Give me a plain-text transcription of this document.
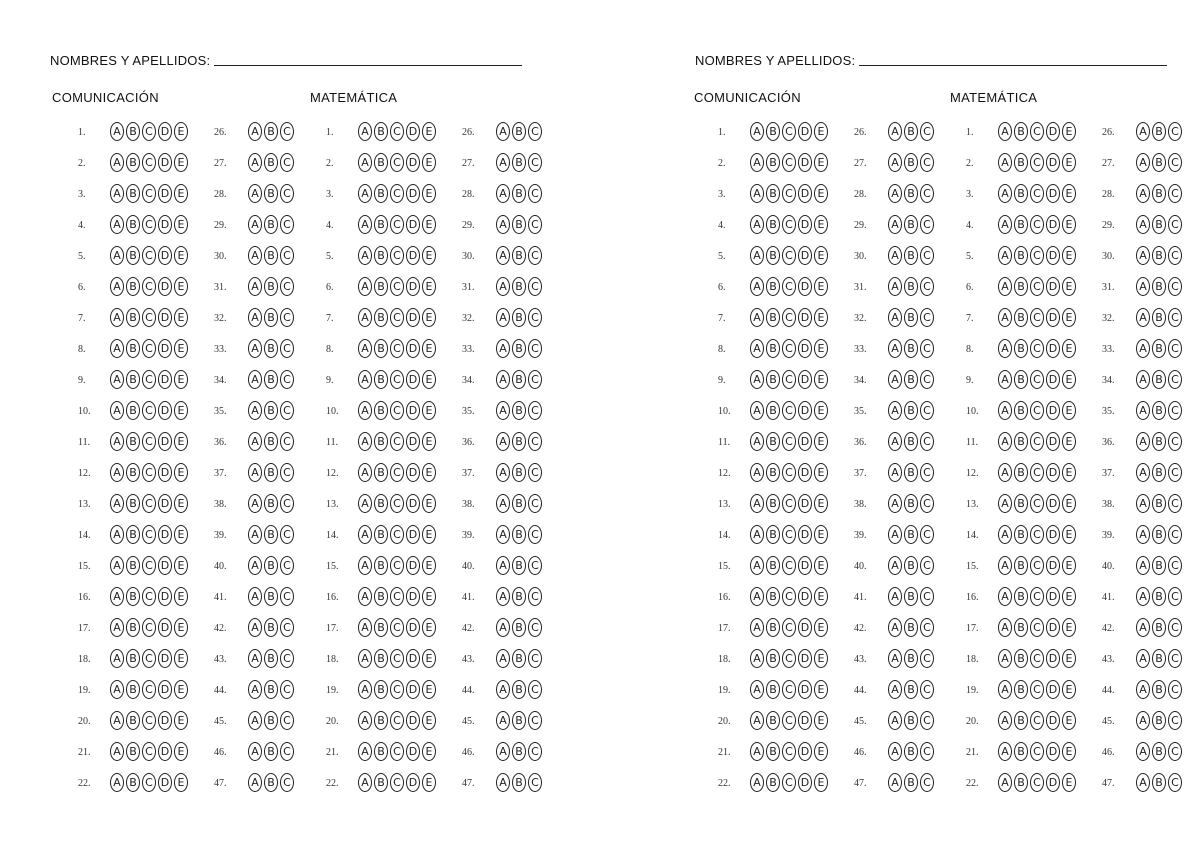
NOMBRES Y APELLIDOS:
COMUNICACIÓN	MATEMÁTICA
1.	A B C D E	26. A B C	1.	A B C D E	26. A B C
2.	A B C D E	27. A B C	2.	A B C D E	27. A B C
3.	A B C D E	28. A B C	3.	A B C D E	28. A B C
4.	A B C D E	29. A B C	4.	A B C D E	29. A B C
5.	A B C D E	30. A B C	5.	A B C D E	30. A B C
6.	A B C D E	31. A B C	6.	A B C D E	31. A B C
7.	A B C D E	32. A B C	7.	A B C D E	32. A B C
8.	A B C D E	33. A B C	8.	A B C D E	33. A B C
9.	A B C D E	34. A B C	9.	A B C D E	34. A B C
10. A B C D E	35. A B C	10. A B C D E	35. A B C
11. A B C D E	36. A B C	11. A B C D E	36. A B C
12. A B C D E	37. A B C	12. A B C D E	37. A B C
13. A B C D E	38. A B C	13. A B C D E	38. A B C
14. A B C D E	39. A B C	14. A B C D E	39. A B C
15. A B C D E	40. A B C	15. A B C D E	40. A B C
16. A B C D E	41. A B C	16. A B C D E	41. A B C
17. A B C D E	42. A B C	17. A B C D E	42. A B C
18. A B C D E	43. A B C	18. A B C D E	43. A B C
19. A B C D E	44. A B C	19. A B C D E	44. A B C
20. A B C D E	45. A B C	20. A B C D E	45. A B C
21. A B C D E	46. A B C	21. A B C D E	46. A B C
22. A B C D E	47. A B C	22. A B C D E	47. A B C
NOMBRES Y APELLIDOS:
COMUNICACIÓN	MATEMÁTICA
1.	A B C D E	26. A B C	1.	A B C D E	26. A B C
2.	A B C D E	27. A B C	2.	A B C D E	27. A B C
3.	A B C D E	28. A B C	3.	A B C D E	28. A B C
4.	A B C D E	29. A B C	4.	A B C D E	29. A B C
5.	A B C D E	30. A B C	5.	A B C D E	30. A B C
6.	A B C D E	31. A B C	6.	A B C D E	31. A B C
7.	A B C D E	32. A B C	7.	A B C D E	32. A B C
8.	A B C D E	33. A B C	8.	A B C D E	33. A B C
9.	A B C D E	34. A B C	9.	A B C D E	34. A B C
10. A B C D E	35. A B C	10. A B C D E	35. A B C
11. A B C D E	36. A B C	11. A B C D E	36. A B C
12. A B C D E	37. A B C	12. A B C D E	37. A B C
13. A B C D E	38. A B C	13. A B C D E	38. A B C
14. A B C D E	39. A B C	14. A B C D E	39. A B C
15. A B C D E	40. A B C	15. A B C D E	40. A B C
16. A B C D E	41. A B C	16. A B C D E	41. A B C
17. A B C D E	42. A B C	17. A B C D E	42. A B C
18. A B C D E	43. A B C	18. A B C D E	43. A B C
19. A B C D E	44. A B C	19. A B C D E	44. A B C
20. A B C D E	45. A B C	20. A B C D E	45. A B C
21. A B C D E	46. A B C	21. A B C D E	46. A B C
22. A B C D E	47. A B C	22. A B C D E	47. A B C
